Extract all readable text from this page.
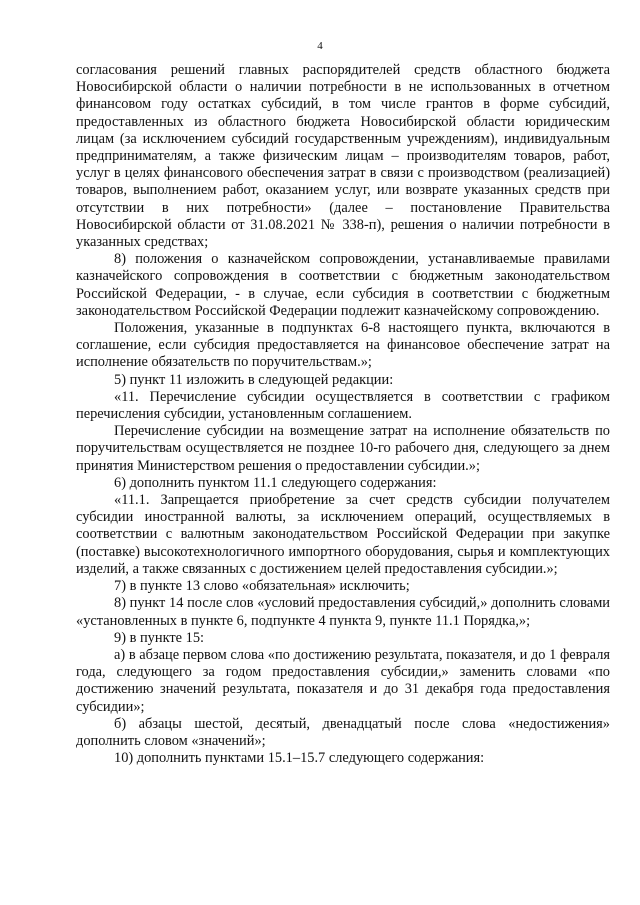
4

согласования решений главных распорядителей средств областного бюджета Новосибирской области о наличии потребности в не использованных в отчетном финансовом году остатках субсидий, в том числе грантов в форме субсидий, предоставленных из областного бюджета Новосибирской области юридическим лицам (за исключением субсидий государственным учреждениям), индивидуальным предпринимателям, а также физическим лицам – производителям товаров, работ, услуг в целях финансового обеспечения затрат в связи с производством (реализацией) товаров, выполнением работ, оказанием услуг, или возврате указанных средств при отсутствии в них потребности» (далее – постановление Правительства Новосибирской области от 31.08.2021 № 338-п), решения о наличии потребности в указанных средствах;

8) положения о казначейском сопровождении, устанавливаемые правилами казначейского сопровождения в соответствии с бюджетным законодательством Российской Федерации, - в случае, если субсидия в соответствии с бюджетным законодательством Российской Федерации подлежит казначейскому сопровождению.

Положения, указанные в подпунктах 6-8 настоящего пункта, включаются в соглашение, если субсидия предоставляется на финансовое обеспечение затрат на исполнение обязательств по поручительствам.»;

5) пункт 11 изложить в следующей редакции:

«11. Перечисление субсидии осуществляется в соответствии с графиком перечисления субсидии, установленным соглашением.

Перечисление субсидии на возмещение затрат на исполнение обязательств по поручительствам осуществляется не позднее 10-го рабочего дня, следующего за днем принятия Министерством решения о предоставлении субсидии.»;

6) дополнить пунктом 11.1 следующего содержания:

«11.1. Запрещается приобретение за счет средств субсидии получателем субсидии иностранной валюты, за исключением операций, осуществляемых в соответствии с валютным законодательством Российской Федерации при закупке (поставке) высокотехнологичного импортного оборудования, сырья и комплектующих изделий, а также связанных с достижением целей предоставления субсидии.»;

7) в пункте 13 слово «обязательная» исключить;

8) пункт 14 после слов «условий предоставления субсидий,» дополнить словами «установленных в пункте 6, подпункте 4 пункта 9, пункте 11.1 Порядка,»;

9) в пункте 15:

а) в абзаце первом слова «по достижению результата, показателя, и до 1 февраля года, следующего за годом предоставления субсидии,» заменить словами «по достижению значений результата, показателя и до 31 декабря года предоставления субсидии»;

б) абзацы шестой, десятый, двенадцатый после слова «недостижения» дополнить словом «значений»;

10) дополнить пунктами 15.1–15.7 следующего содержания:
